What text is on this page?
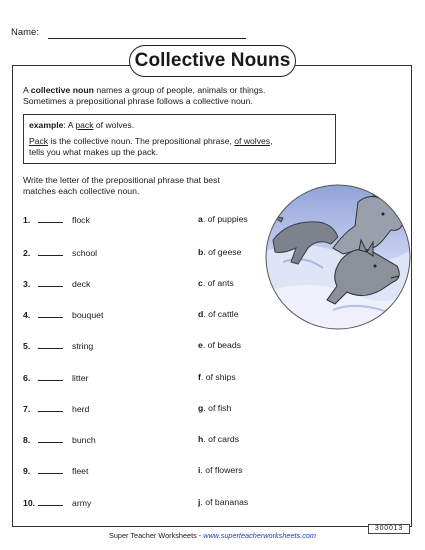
Name:
Collective Nouns
A collective noun names a group of people, animals or things.
Sometimes a prepositional phrase follows a collective noun.
example: A pack of wolves.
Pack is the collective noun. The prepositional phrase, of wolves,
tells you what makes up the pack.
Write the letter of the prepositional phrase that best
matches each collective noun.
1.	flock
2.	school
3.	deck
4.	bouquet
5.	string
6.	litter
7.	herd
8.	bunch
9.	fleet
10.	army
a. of puppies
b. of geese
c. of ants
d. of cattle
e. of beads
f. of ships
g. of fish
h. of cards
i. of flowers
j. of bananas
Super Teacher Worksheets - www.superteacherworksheets.com
300013
